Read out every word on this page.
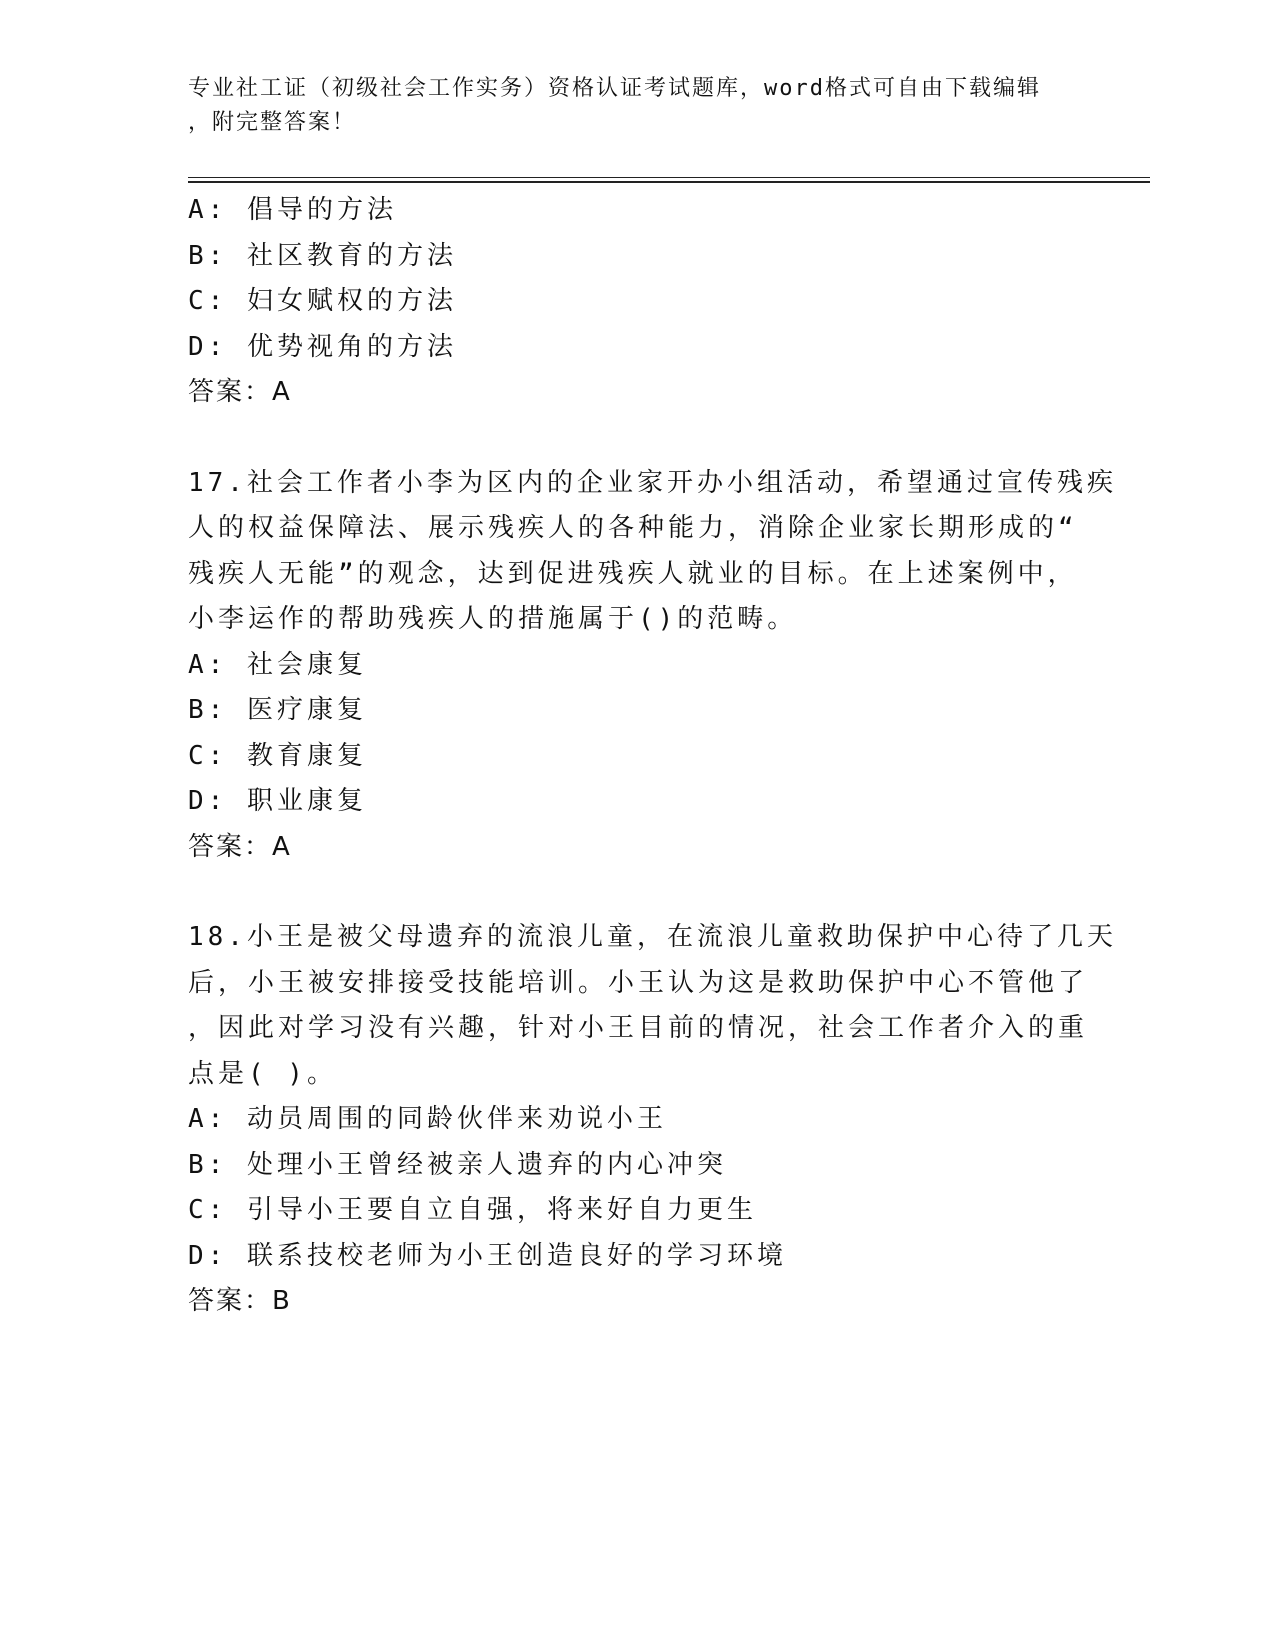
专业社工证（初级社会工作实务）资格认证考试题库，word格式可自由下载编辑
，附完整答案！
A: 倡导的方法
B: 社区教育的方法
C: 妇女赋权的方法
D: 优势视角的方法
答案：A
17.社会工作者小李为区内的企业家开办小组活动，希望通过宣传残疾
人的权益保障法、展示残疾人的各种能力，消除企业家长期形成的“
残疾人无能”的观念，达到促进残疾人就业的目标。在上述案例中，
小李运作的帮助残疾人的措施属于()的范畴。
A: 社会康复
B: 医疗康复
C: 教育康复
D: 职业康复
答案：A
18.小王是被父母遗弃的流浪儿童，在流浪儿童救助保护中心待了几天
后，小王被安排接受技能培训。小王认为这是救助保护中心不管他了
，因此对学习没有兴趣，针对小王目前的情况，社会工作者介入的重
点是( )。
A: 动员周围的同龄伙伴来劝说小王
B: 处理小王曾经被亲人遗弃的内心冲突
C: 引导小王要自立自强，将来好自力更生
D: 联系技校老师为小王创造良好的学习环境
答案：B
